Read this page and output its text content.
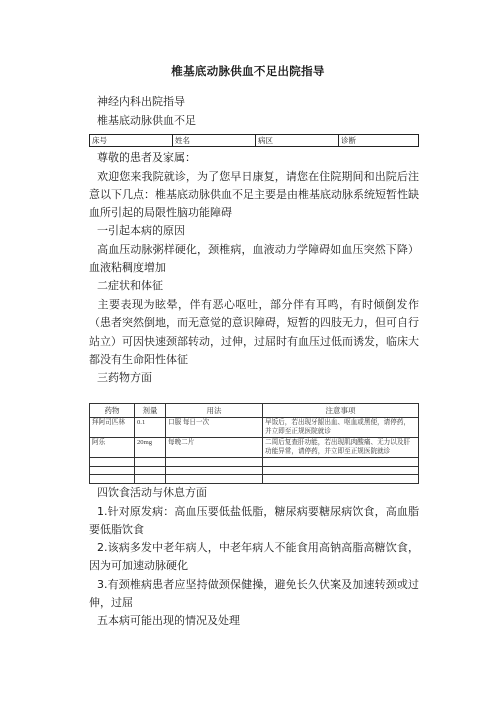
椎基底动脉供血不足出院指导

神经内科出院指导

椎基底动脉供血不足

床号	姓名	病区	诊断

尊敬的患者及家属：

欢迎您来我院就诊，为了您早日康复，请您在住院期间和出院后注意以下几点：椎基底动脉供血不足主要是由椎基底动脉系统短暂性缺血所引起的局限性脑功能障碍

一引起本病的原因

高血压动脉粥样硬化，颈椎病，血液动力学障碍如血压突然下降）血液粘稠度增加

二症状和体征

主要表现为眩晕，伴有恶心呕吐，部分伴有耳鸣，有时倾倒发作（患者突然倒地，而无意觉的意识障碍，短暂的四肢无力，但可自行站立）可因快速颈部转动，过伸，过屈时有血压过低而诱发，临床大都没有生命阳性体征

三药物方面

药物	剂量	用法	注意事项
拜阿司匹林	0.1	口服 每日一次	早饭后，若出现牙龈出血、呕血或黑便，请停药，并立即至正规医院就诊
阿乐	20mg	每晚二片	二周后复查肝功能，若出现肌肉酸痛、无力以及肝功能异常，请停药，并立即至正规医院就诊

四饮食活动与休息方面

1.针对原发病：高血压要低盐低脂，糖尿病要糖尿病饮食，高血脂要低脂饮食

2.该病多发中老年病人，中老年病人不能食用高钠高脂高糖饮食，因为可加速动脉硬化

3.有颈椎病患者应坚持做颈保健操，避免长久伏案及加速转颈或过伸，过屈

五本病可能出现的情况及处理
